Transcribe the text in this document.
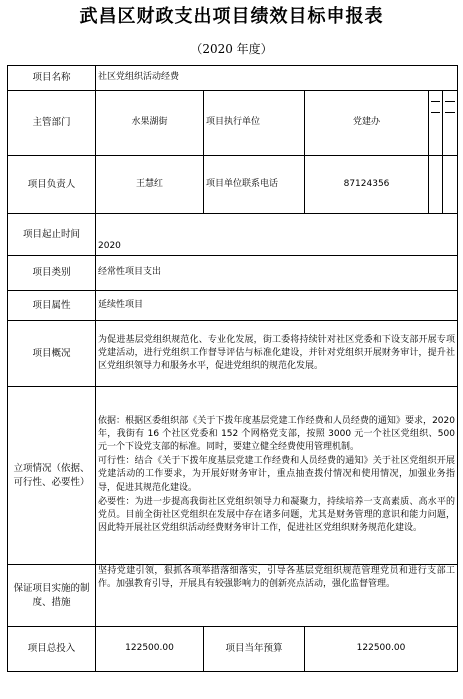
武昌区财政支出项目绩效目标申报表
（2020 年度）
项目名称	社区党组织活动经费				
主管部门	水果湖街	项目执行单位	党建办	

项目负责人	王慧红	项目单位联系电话	87124356		
项目起止时间	2020				
项目类别	经常性项目支出				
项目属性	延续性项目				
项目概况	为促进基层党组织规范化、专业化发展，街工委将持续针对社区党委和下设支部开展专项党建活动，进行党组织工作督导评估与标准化建设，并针对党组织开展财务审计，提升社区党组织领导力和服务水平，促进党组织的规范化发展。				
立项情况（依据、可行性、必要性）	依据：根据区委组织部《关于下拨年度基层党建工作经费和人员经费的通知》要求，2020 年，我街有 16 个社区党委和 152 个网格党支部，按照 3000 元一个社区党组织、500 元一个下设党支部的标准。同时，要建立健全经费使用管理机制。

可行性：结合《关于下拨年度基层党建工作经费和人员经费的通知》关于社区党组织开展党建活动的工作要求，为开展好财务审计，重点抽查拨付情况和使用情况，加强业务指导，促进其规范化建设。

必要性：为进一步提高我街社区党组织领导力和凝聚力，持续培养一支高素质、高水平的党员。目前全街社区党组织在发展中存在诸多问题，尤其是财务管理的意识和能力问题，因此特开展社区党组织活动经费财务审计工作，促进社区党组织财务规范化建设。				

保证项目实施的制度、措施	坚持党建引领，狠抓各项举措落细落实，引导各基层党组织规范管理党员和进行支部工作。加强教育引导，开展具有较强影响力的创新亮点活动，强化监督管理。				
项目总投入	122500.00	项目当年预算	122500.00		
